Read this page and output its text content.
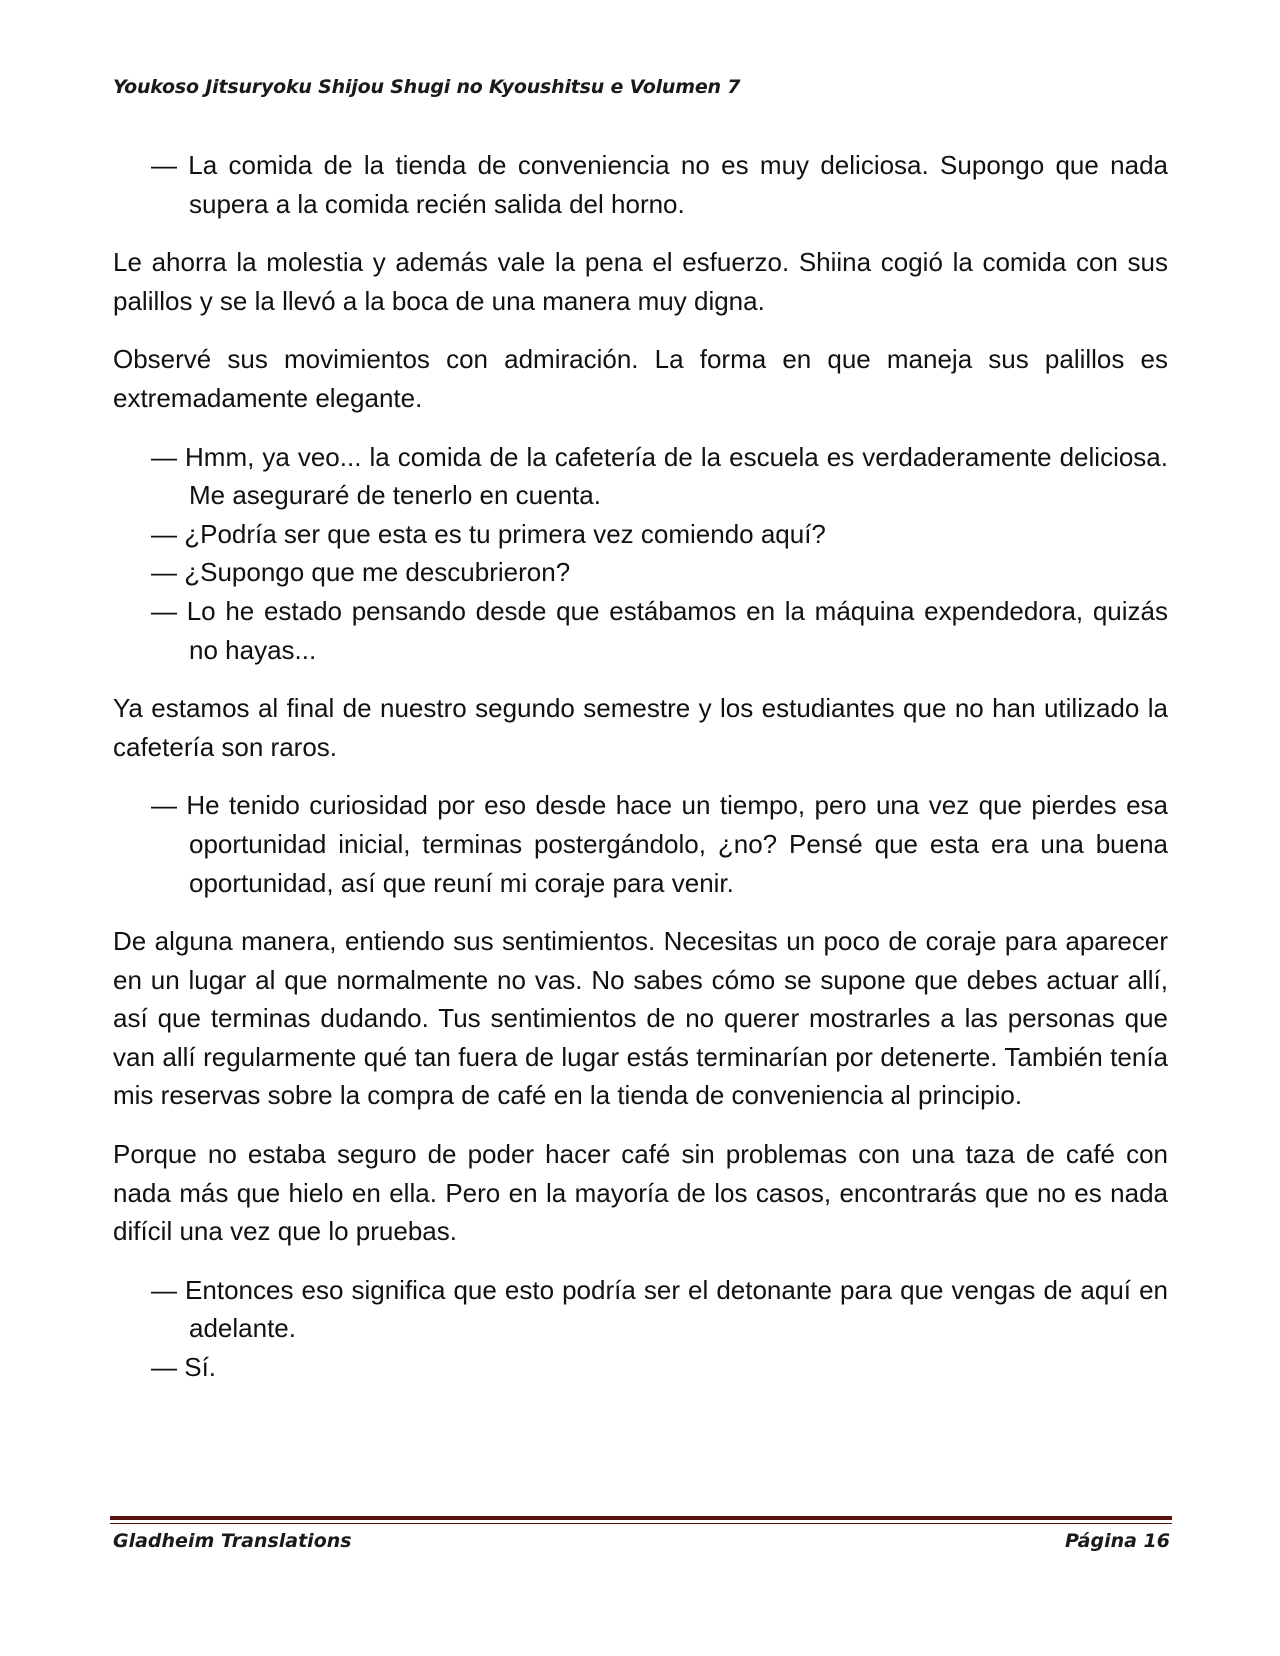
Youkoso Jitsuryoku Shijou Shugi no Kyoushitsu e Volumen 7

— La comida de la tienda de conveniencia no es muy deliciosa. Supongo que nada supera a la comida recién salida del horno.

Le ahorra la molestia y además vale la pena el esfuerzo. Shiina cogió la comida con sus palillos y se la llevó a la boca de una manera muy digna.

Observé sus movimientos con admiración. La forma en que maneja sus palillos es extremadamente elegante.

— Hmm, ya veo... la comida de la cafetería de la escuela es verdaderamente deliciosa. Me aseguraré de tenerlo en cuenta.

— ¿Podría ser que esta es tu primera vez comiendo aquí?

— ¿Supongo que me descubrieron?

— Lo he estado pensando desde que estábamos en la máquina expendedora, quizás no hayas...

Ya estamos al final de nuestro segundo semestre y los estudiantes que no han utilizado la cafetería son raros.

— He tenido curiosidad por eso desde hace un tiempo, pero una vez que pierdes esa oportunidad inicial, terminas postergándolo, ¿no? Pensé que esta era una buena oportunidad, así que reuní mi coraje para venir.

De alguna manera, entiendo sus sentimientos. Necesitas un poco de coraje para aparecer en un lugar al que normalmente no vas. No sabes cómo se supone que debes actuar allí, así que terminas dudando. Tus sentimientos de no querer mostrarles a las personas que van allí regularmente qué tan fuera de lugar estás terminarían por detenerte. También tenía mis reservas sobre la compra de café en la tienda de conveniencia al principio.

Porque no estaba seguro de poder hacer café sin problemas con una taza de café con nada más que hielo en ella. Pero en la mayoría de los casos, encontrarás que no es nada difícil una vez que lo pruebas.

— Entonces eso significa que esto podría ser el detonante para que vengas de aquí en adelante.

— Sí.

Gladheim Translations	Página 16
